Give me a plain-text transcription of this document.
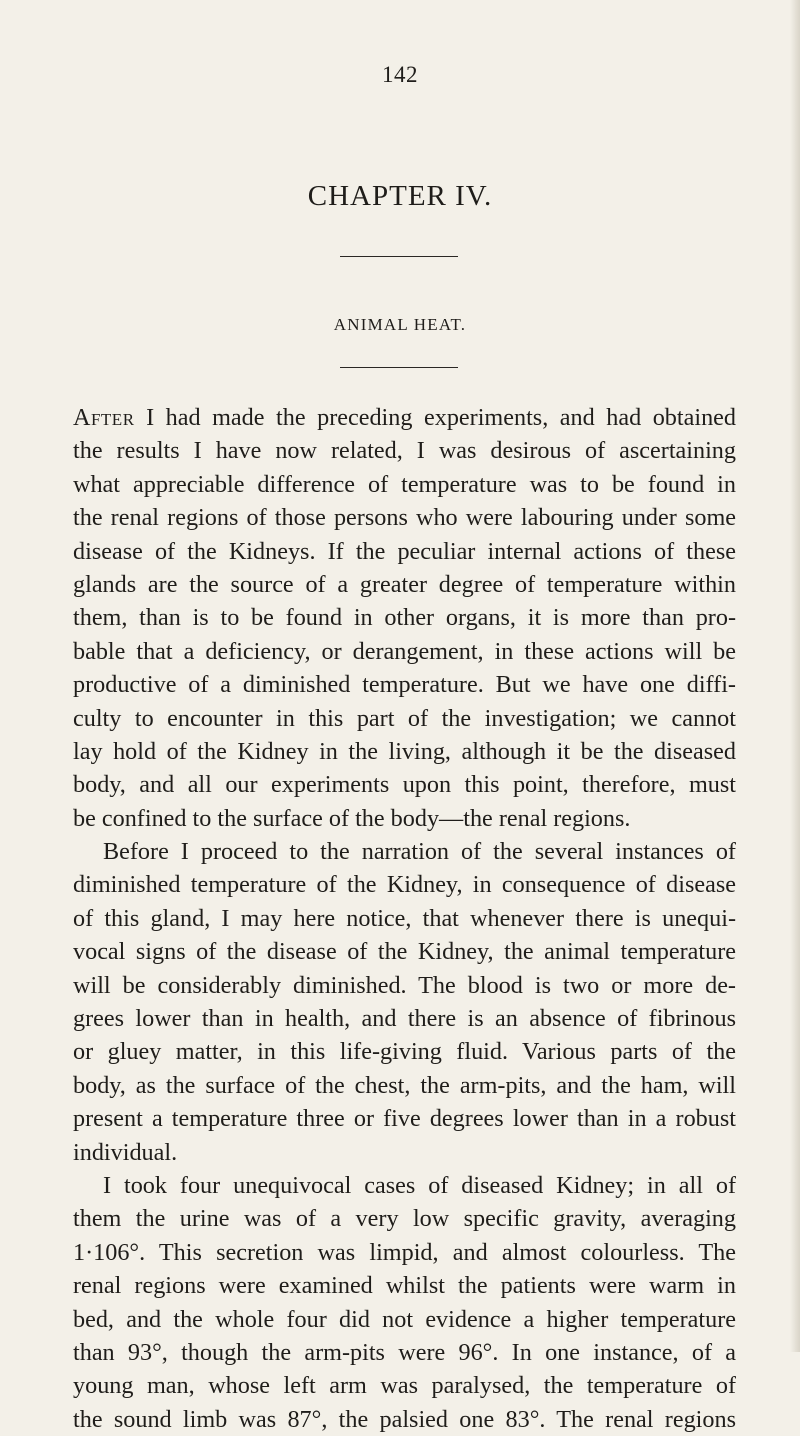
142
CHAPTER IV.
ANIMAL HEAT.
After I had made the preceding experiments, and had obtained
the results I have now related, I was desirous of ascertaining
what appreciable difference of temperature was to be found in
the renal regions of those persons who were labouring under some
disease of the Kidneys. If the peculiar internal actions of these
glands are the source of a greater degree of temperature within
them, than is to be found in other organs, it is more than pro-
bable that a deficiency, or derangement, in these actions will be
productive of a diminished temperature. But we have one diffi-
culty to encounter in this part of the investigation; we cannot
lay hold of the Kidney in the living, although it be the diseased
body, and all our experiments upon this point, therefore, must
be confined to the surface of the body—the renal regions.
Before I proceed to the narration of the several instances of
diminished temperature of the Kidney, in consequence of disease
of this gland, I may here notice, that whenever there is unequi-
vocal signs of the disease of the Kidney, the animal temperature
will be considerably diminished. The blood is two or more de-
grees lower than in health, and there is an absence of fibrinous
or gluey matter, in this life-giving fluid. Various parts of the
body, as the surface of the chest, the arm-pits, and the ham, will
present a temperature three or five degrees lower than in a robust
individual.
I took four unequivocal cases of diseased Kidney; in all of
them the urine was of a very low specific gravity, averaging
1·106°. This secretion was limpid, and almost colourless. The
renal regions were examined whilst the patients were warm in
bed, and the whole four did not evidence a higher temperature
than 93°, though the arm-pits were 96°. In one instance, of a
young man, whose left arm was paralysed, the temperature of
the sound limb was 87°, the palsied one 83°. The renal regions
